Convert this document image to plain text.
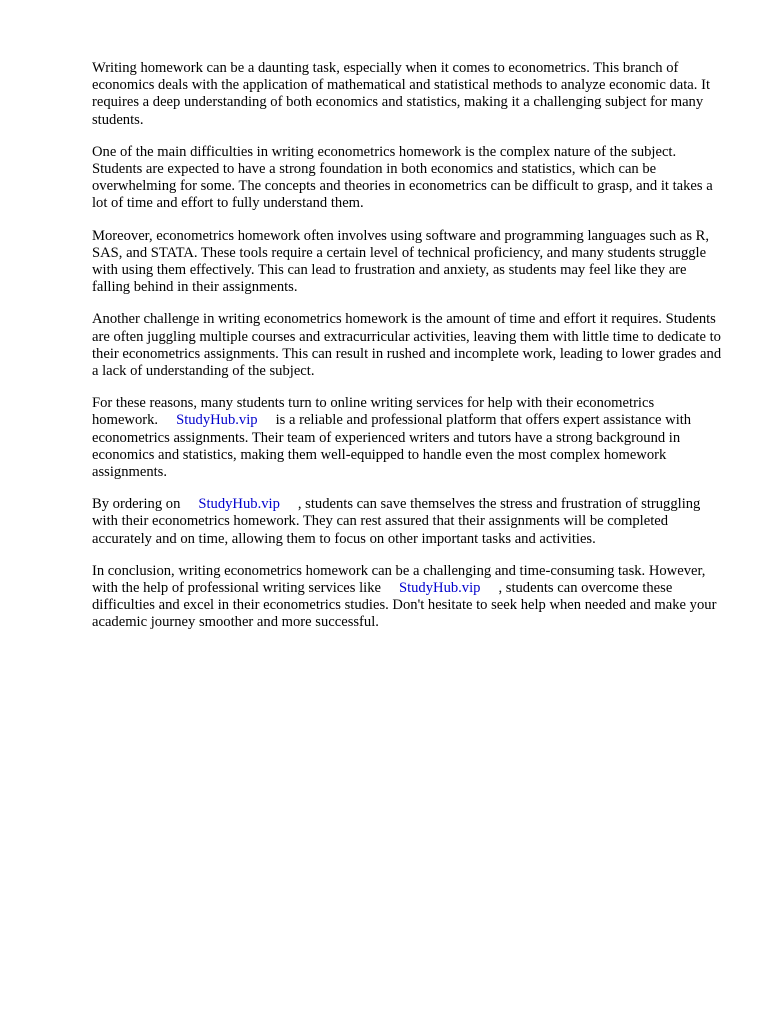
Writing homework can be a daunting task, especially when it comes to econometrics. This branch of economics deals with the application of mathematical and statistical methods to analyze economic data. It requires a deep understanding of both economics and statistics, making it a challenging subject for many students.

One of the main difficulties in writing econometrics homework is the complex nature of the subject. Students are expected to have a strong foundation in both economics and statistics, which can be overwhelming for some. The concepts and theories in econometrics can be difficult to grasp, and it takes a lot of time and effort to fully understand them.

Moreover, econometrics homework often involves using software and programming languages such as R, SAS, and STATA. These tools require a certain level of technical proficiency, and many students struggle with using them effectively. This can lead to frustration and anxiety, as students may feel like they are falling behind in their assignments.

Another challenge in writing econometrics homework is the amount of time and effort it requires. Students are often juggling multiple courses and extracurricular activities, leaving them with little time to dedicate to their econometrics assignments. This can result in rushed and incomplete work, leading to lower grades and a lack of understanding of the subject.

For these reasons, many students turn to online writing services for help with their econometrics homework. StudyHub.vip is a reliable and professional platform that offers expert assistance with econometrics assignments. Their team of experienced writers and tutors have a strong background in economics and statistics, making them well-equipped to handle even the most complex homework assignments.

By ordering on StudyHub.vip , students can save themselves the stress and frustration of struggling with their econometrics homework. They can rest assured that their assignments will be completed accurately and on time, allowing them to focus on other important tasks and activities.

In conclusion, writing econometrics homework can be a challenging and time-consuming task. However, with the help of professional writing services like StudyHub.vip , students can overcome these difficulties and excel in their econometrics studies. Don't hesitate to seek help when needed and make your academic journey smoother and more successful.
